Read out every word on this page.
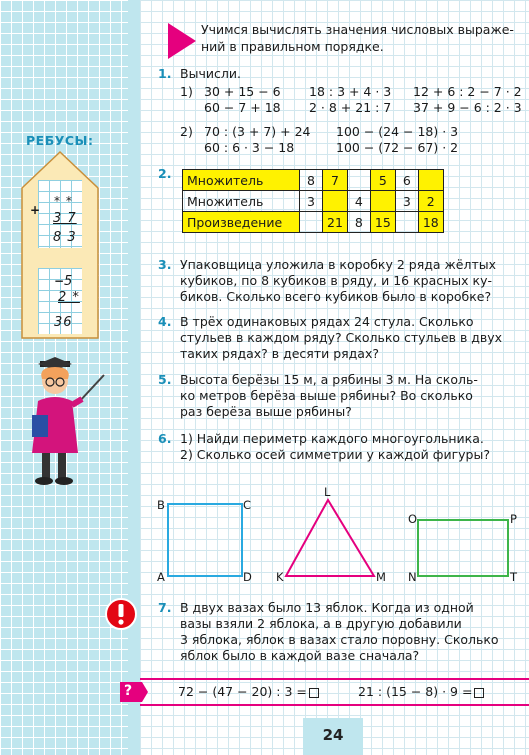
РЕБУСЫ:
+
* *
3 7
8 3
− 5
2 *
36
Учимся вычислять значения числовых выраже-
ний в правильном порядке.
1. Вычисли.
1) 30 + 15 − 6
60 − 7 + 18
18 : 3 + 4 · 3
2 · 8 + 21 : 7
12 + 6 : 2 − 7 · 2
37 + 9 − 6 : 2 · 3
2) 70 : (3 + 7) + 24
60 : 6 · 3 − 18
100 − (24 − 18) · 3
100 − (72 − 67) · 2
2. Множитель	8	7		5	6	
Множитель	3		4		3	2
Произведение		21	8	15		18
3. Упаковщица уложила в коробку 2 ряда жёлтых
кубиков, по 8 кубиков в ряду, и 16 красных ку-
биков. Сколько всего кубиков было в коробке?
4. В трёх одинаковых рядах 24 стула. Сколько
стульев в каждом ряду? Сколько стульев в двух
таких рядах? в десяти рядах?
5. Высота берёзы 15 м, а рябины 3 м. На сколь-
ко метров берёза выше рябины? Во сколько
раз берёза выше рябины?
6. 1) Найди периметр каждого многоугольника.
2) Сколько осей симметрии у каждой фигуры?
B	C
A	D
L
K	M
O	P
N	T
7. В двух вазах было 13 яблок. Когда из одной
вазы взяли 2 яблока, а в другую добавили
3 яблока, яблок в вазах стало поровну. Сколько
яблок было в каждой вазе сначала?
?	72 − (47 − 20) : 3 =	21 : (15 − 8) · 9 =
24
